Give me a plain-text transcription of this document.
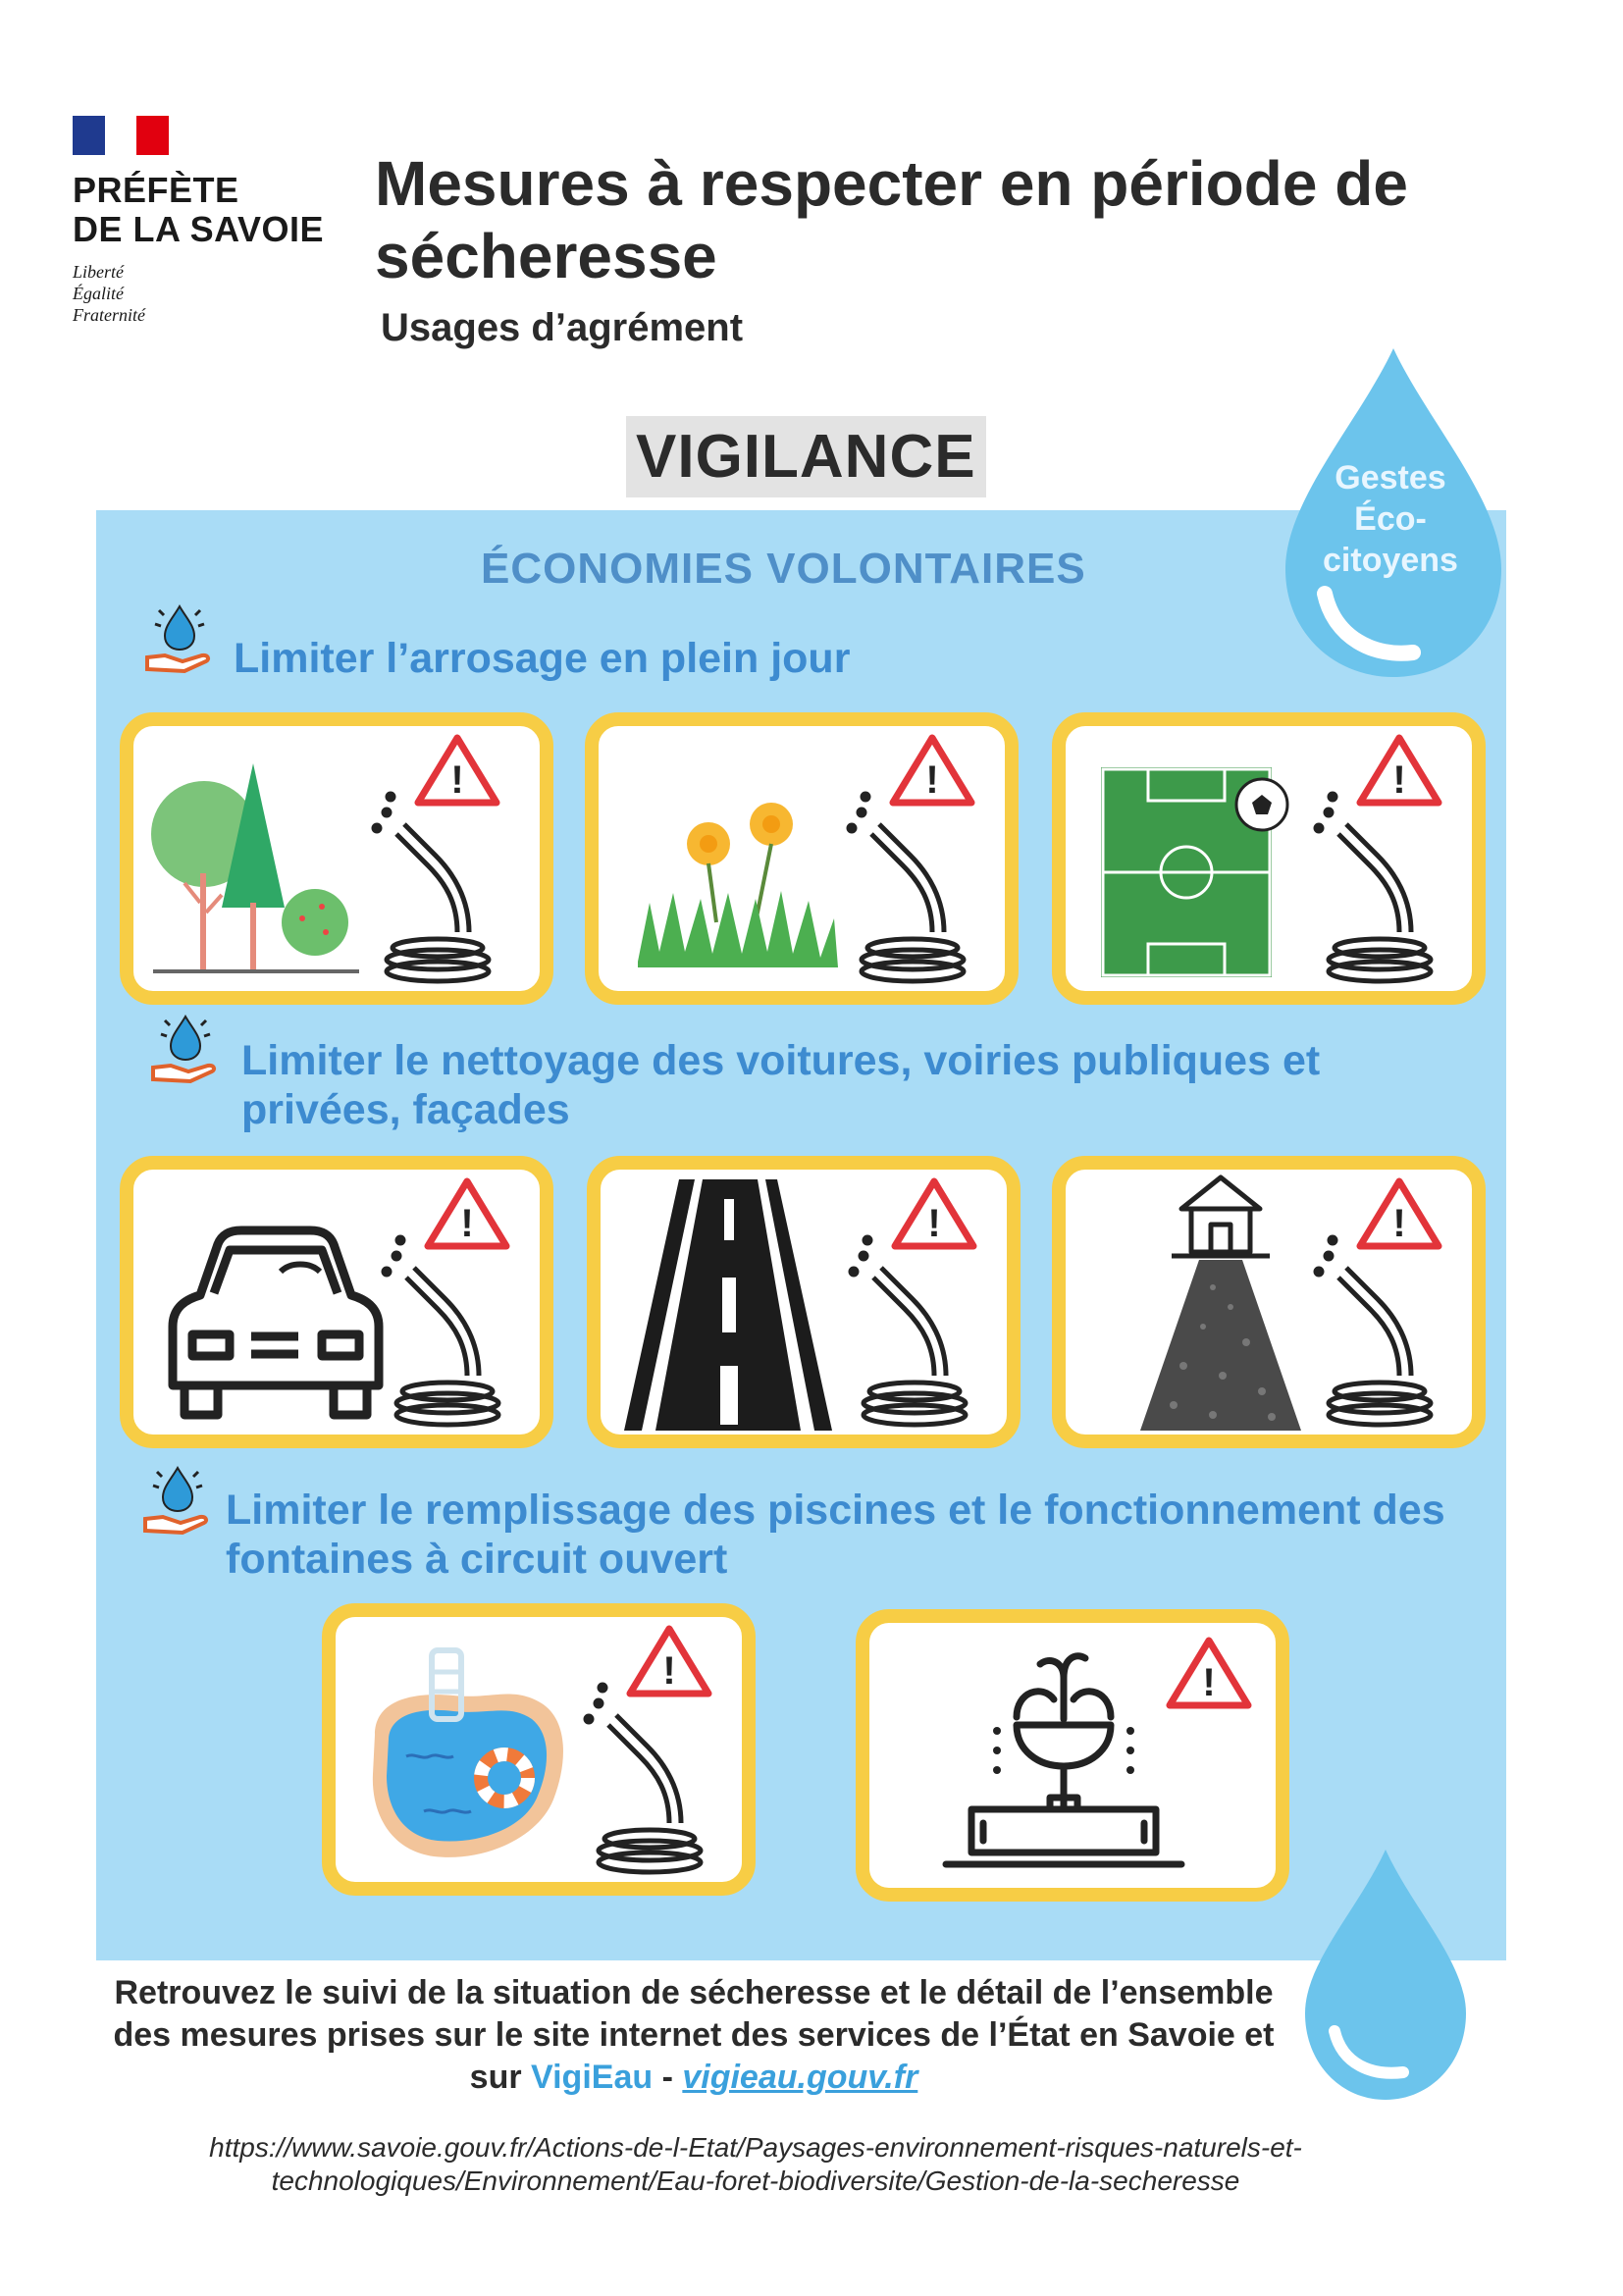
PRÉFÈTE
DE LA SAVOIE
Liberté
Égalité
Fraternité
Mesures à respecter en période de sécheresse
Usages d’agrément
VIGILANCE	Gestes
Éco-
citoyens
ÉCONOMIES VOLONTAIRES
Limiter l’arrosage en plein jour
!	!	!
Limiter le nettoyage des voitures, voiries publiques et privées, façades
!	!	!
Limiter le remplissage des piscines et le fonctionnement des fontaines à circuit ouvert
!	!
Retrouvez le suivi de la situation de sécheresse et le détail de l’ensemble des mesures prises sur le site internet des services de l’État en Savoie et sur VigiEau - vigieau.gouv.fr
https://www.savoie.gouv.fr/Actions-de-l-Etat/Paysages-environnement-risques-naturels-et-technologiques/Environnement/Eau-foret-biodiversite/Gestion-de-la-secheresse
